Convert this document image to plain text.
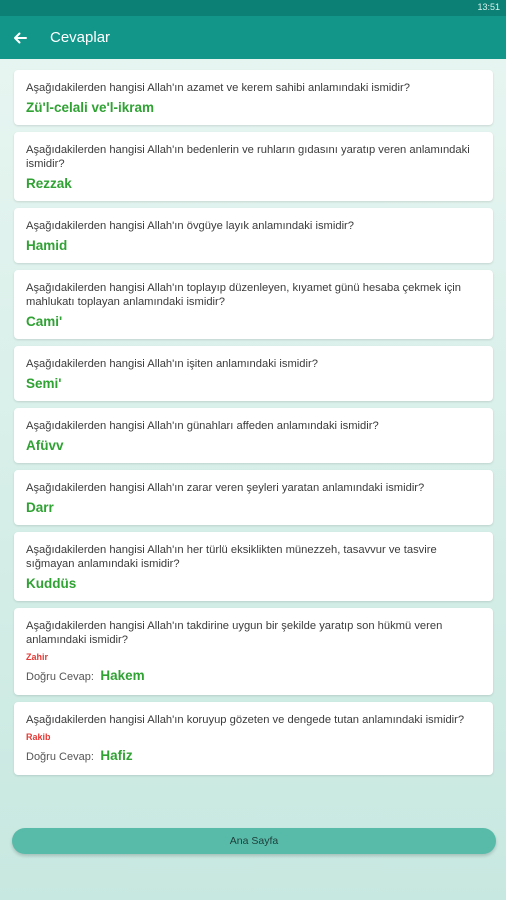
13:51
Cevaplar
Aşağıdakilerden hangisi Allah'ın azamet ve kerem sahibi anlamındaki ismidir?
Zü'l-celali ve'l-ikram
Aşağıdakilerden hangisi Allah'ın bedenlerin ve ruhların gıdasını yaratıp veren anlamındaki ismidir?
Rezzak
Aşağıdakilerden hangisi Allah'ın övgüye layık anlamındaki ismidir?
Hamid
Aşağıdakilerden hangisi Allah'ın toplayıp düzenleyen, kıyamet günü hesaba çekmek için mahlukatı toplayan anlamındaki ismidir?
Cami'
Aşağıdakilerden hangisi Allah'ın işiten anlamındaki ismidir?
Semi'
Aşağıdakilerden hangisi Allah'ın günahları affeden anlamındaki ismidir?
Afüvv
Aşağıdakilerden hangisi Allah'ın zarar veren şeyleri yaratan anlamındaki ismidir?
Darr
Aşağıdakilerden hangisi Allah'ın her türlü eksiklikten münezzeh, tasavvur ve tasvire sığmayan anlamındaki ismidir?
Kuddüs
Aşağıdakilerden hangisi Allah'ın takdirine uygun bir şekilde yaratıp son hükmü veren anlamındaki ismidir?
Zahir
Doğru Cevap: Hakem
Aşağıdakilerden hangisi Allah'ın koruyup gözeten ve dengede tutan anlamındaki ismidir?
Rakib
Doğru Cevap: Hafiz
Ana Sayfa
